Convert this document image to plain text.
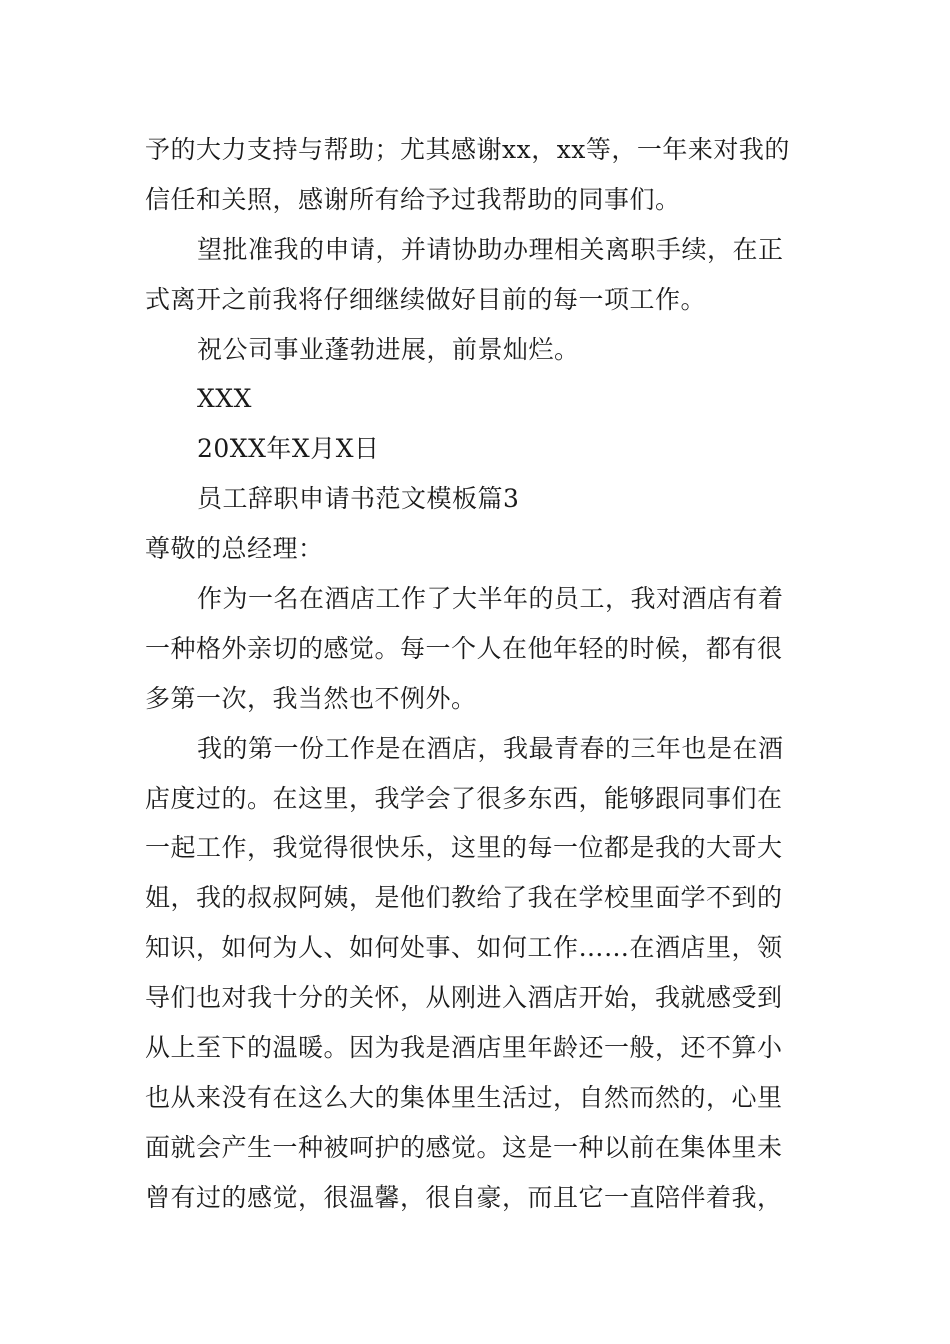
予的大力支持与帮助；尤其感谢xx，xx等，一年来对我的
信任和关照，感谢所有给予过我帮助的同事们。
望批准我的申请，并请协助办理相关离职手续，在正
式离开之前我将仔细继续做好目前的每一项工作。
祝公司事业蓬勃进展，前景灿烂。
XXX
20XX年X月X日
员工辞职申请书范文模板篇3
尊敬的总经理：
作为一名在酒店工作了大半年的员工，我对酒店有着
一种格外亲切的感觉。每一个人在他年轻的时候，都有很
多第一次，我当然也不例外。
我的第一份工作是在酒店，我最青春的三年也是在酒
店度过的。在这里，我学会了很多东西，能够跟同事们在
一起工作，我觉得很快乐，这里的每一位都是我的大哥大
姐，我的叔叔阿姨，是他们教给了我在学校里面学不到的
知识，如何为人、如何处事、如何工作……在酒店里，领
导们也对我十分的关怀，从刚进入酒店开始，我就感受到
从上至下的温暖。因为我是酒店里年龄还一般，还不算小
也从来没有在这么大的集体里生活过，自然而然的，心里
面就会产生一种被呵护的感觉。这是一种以前在集体里未
曾有过的感觉，很温馨，很自豪，而且它一直陪伴着我，
